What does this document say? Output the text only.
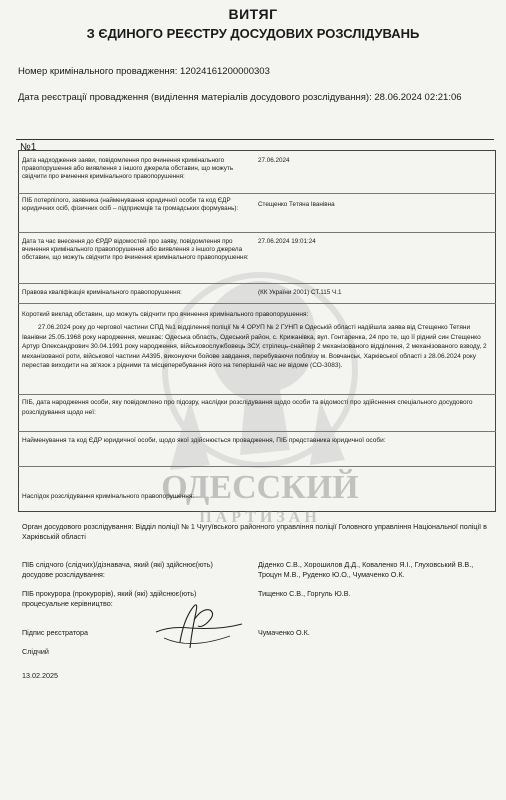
ВИТЯГ
З ЄДИНОГО РЕЄСТРУ ДОСУДОВИХ РОЗСЛІДУВАНЬ
Номер кримінального провадження: 12024161200000303
Дата реєстрації провадження (виділення матеріалів досудового розслідування): 28.06.2024 02:21:06
№1
ОДЕССКИЙ
ПАРТИЗАН
Дата надходження заяви, повідомлення про вчинення кримінального правопорушення або виявлення з іншого джерела обставин, що можуть свідчити про вчинення кримінального правопорушення:
27.06.2024
ПІБ потерпілого, заявника (найменування юридичної особи та код ЄДР юридичних осіб, фізичних осіб – підприємців та громадських формувань):
Стещенко Тетяна Іванівна
Дата та час внесення до ЄРДР відомостей про заяву, повідомлення про вчинення кримінального правопорушення або виявлення з іншого джерела обставин, що можуть свідчити про вчинення кримінального правопорушення:
27.06.2024 19:01:24
Правова кваліфікація кримінального правопорушення:	(КК України 2001) СТ.115 Ч.1
Короткий виклад обставин, що можуть свідчити про вчинення кримінального правопорушення:
27.06.2024 року до чергової частини СПД №1 відділення поліції № 4 ОРУП № 2 ГУНП в Одеській області надійшла заява від Стещенко Тетяни Іванівни 25.05.1968 року народження, мешкає: Одеська область, Одеський район, с. Крижанівка, вул. Гонтаренка, 24 про те, що її рідний син Стещенко Артур Олександрович 30.04.1991 року народження, військовослужбовець ЗСУ, стрілець-снайпер 2 механізованого відділення, 2 механізованого взводу, 2 механізованої роти, військової частини А4395, виконуючи бойове завдання, перебуваючи поблизу м. Вовчанськ, Харківської області з 28.06.2024 року перестав виходити на зв'язок з рідними та місцеперебування його на теперішній час не відоме (СО-3083).
ПІБ, дата народження особи, яку повідомлено про підозру, наслідки розслідування щодо особи та відомості про здійснення спеціального досудового розслідування щодо неї:
Найменування та код ЄДР юридичної особи, щодо якої здійснюється провадження, ПІБ представника юридичної особи:
Наслідок розслідування кримінального правопорушення:
Орган досудового розслідування: Відділ поліції № 1 Чугуївського районного управління поліції Головного управління Національної поліції в Харківській області
ПІБ слідчого (слідчих)/дізнавача, який (які) здійснює(ють) досудове розслідування:
Діденко С.В., Хорошилов Д.Д., Коваленко Я.І., Глуховський В.В., Троцун М.В., Руденко Ю.О., Чумаченко О.К.
ПІБ прокурора (прокурорів), який (які) здійснює(ють) процесуальне керівництво:
Тищенко С.В., Горгуль Ю.В.
Підпис реєстратора	Чумаченко О.К.
Слідчий
13.02.2025
